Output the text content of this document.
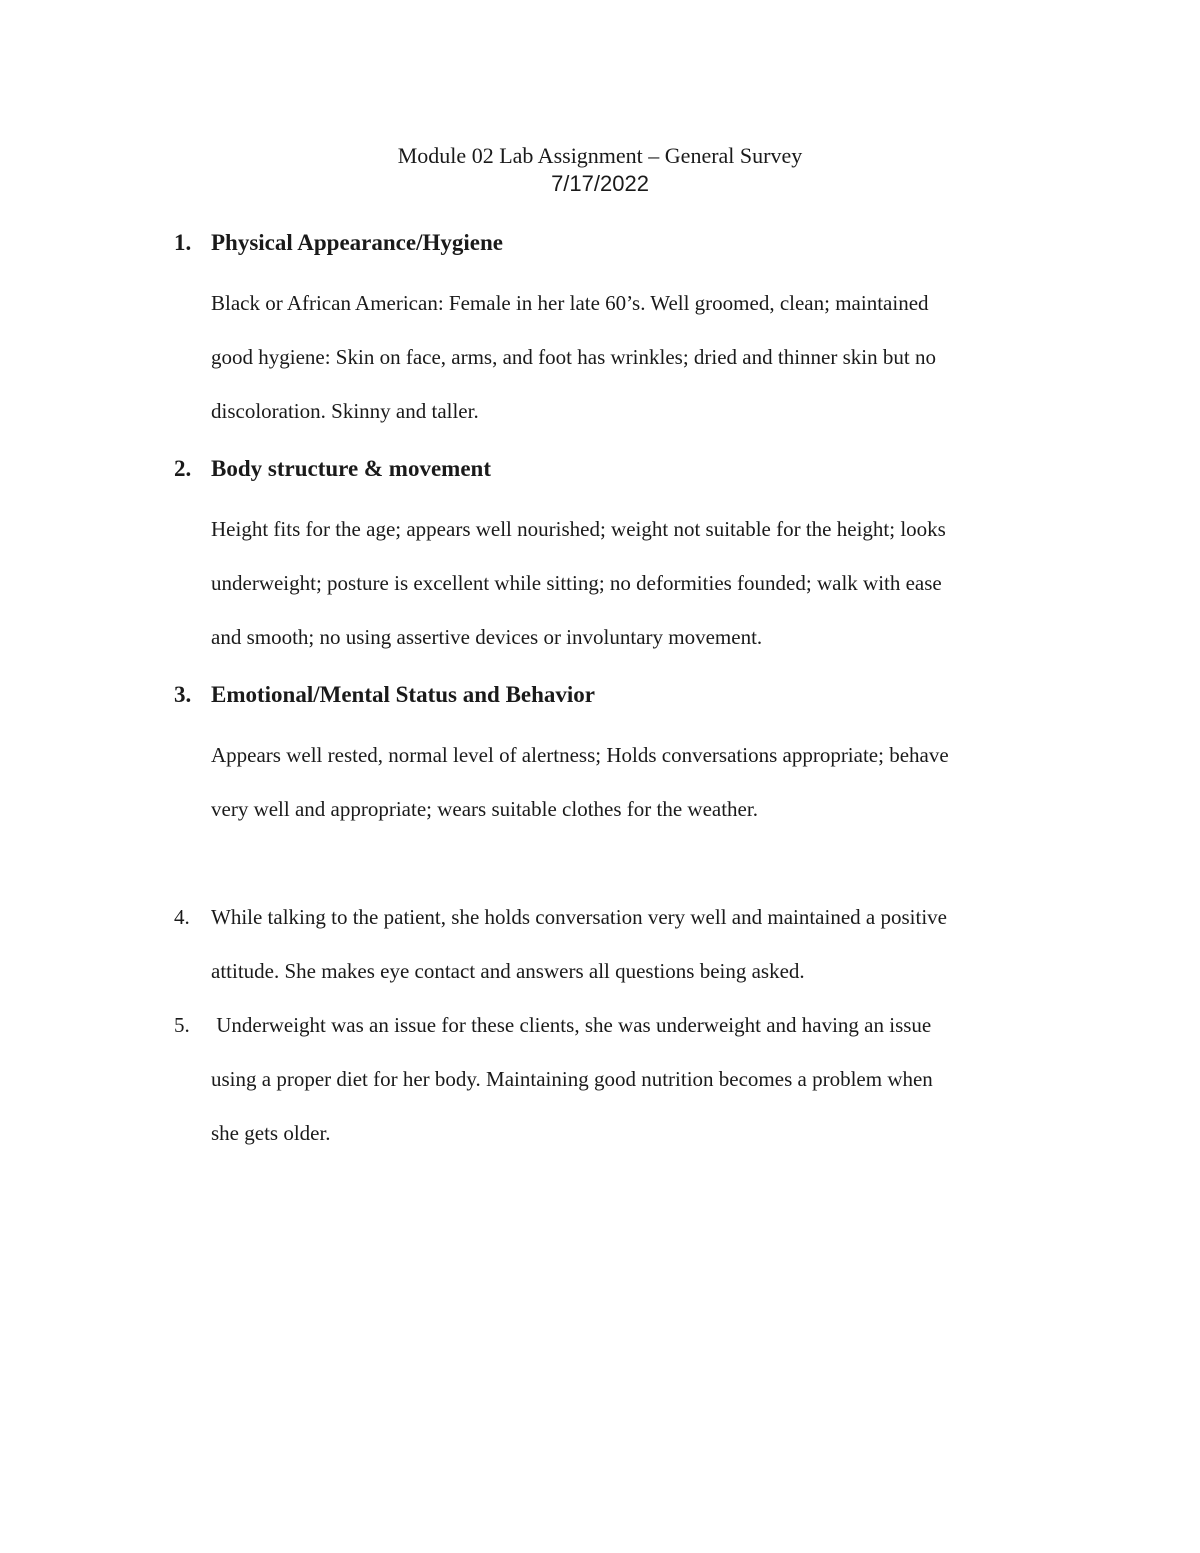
Module 02 Lab Assignment – General Survey
7/17/2022
1. Physical Appearance/Hygiene
Black or African American: Female in her late 60’s. Well groomed, clean; maintained
good hygiene: Skin on face, arms, and foot has wrinkles; dried and thinner skin but no
discoloration. Skinny and taller.
2. Body structure & movement
Height fits for the age; appears well nourished; weight not suitable for the height; looks
underweight; posture is excellent while sitting; no deformities founded; walk with ease
and smooth; no using assertive devices or involuntary movement.
3. Emotional/Mental Status and Behavior
Appears well rested, normal level of alertness; Holds conversations appropriate; behave
very well and appropriate; wears suitable clothes for the weather.
4. While talking to the patient, she holds conversation very well and maintained a positive
attitude. She makes eye contact and answers all questions being asked.
5. Underweight was an issue for these clients, she was underweight and having an issue
using a proper diet for her body. Maintaining good nutrition becomes a problem when
she gets older.
